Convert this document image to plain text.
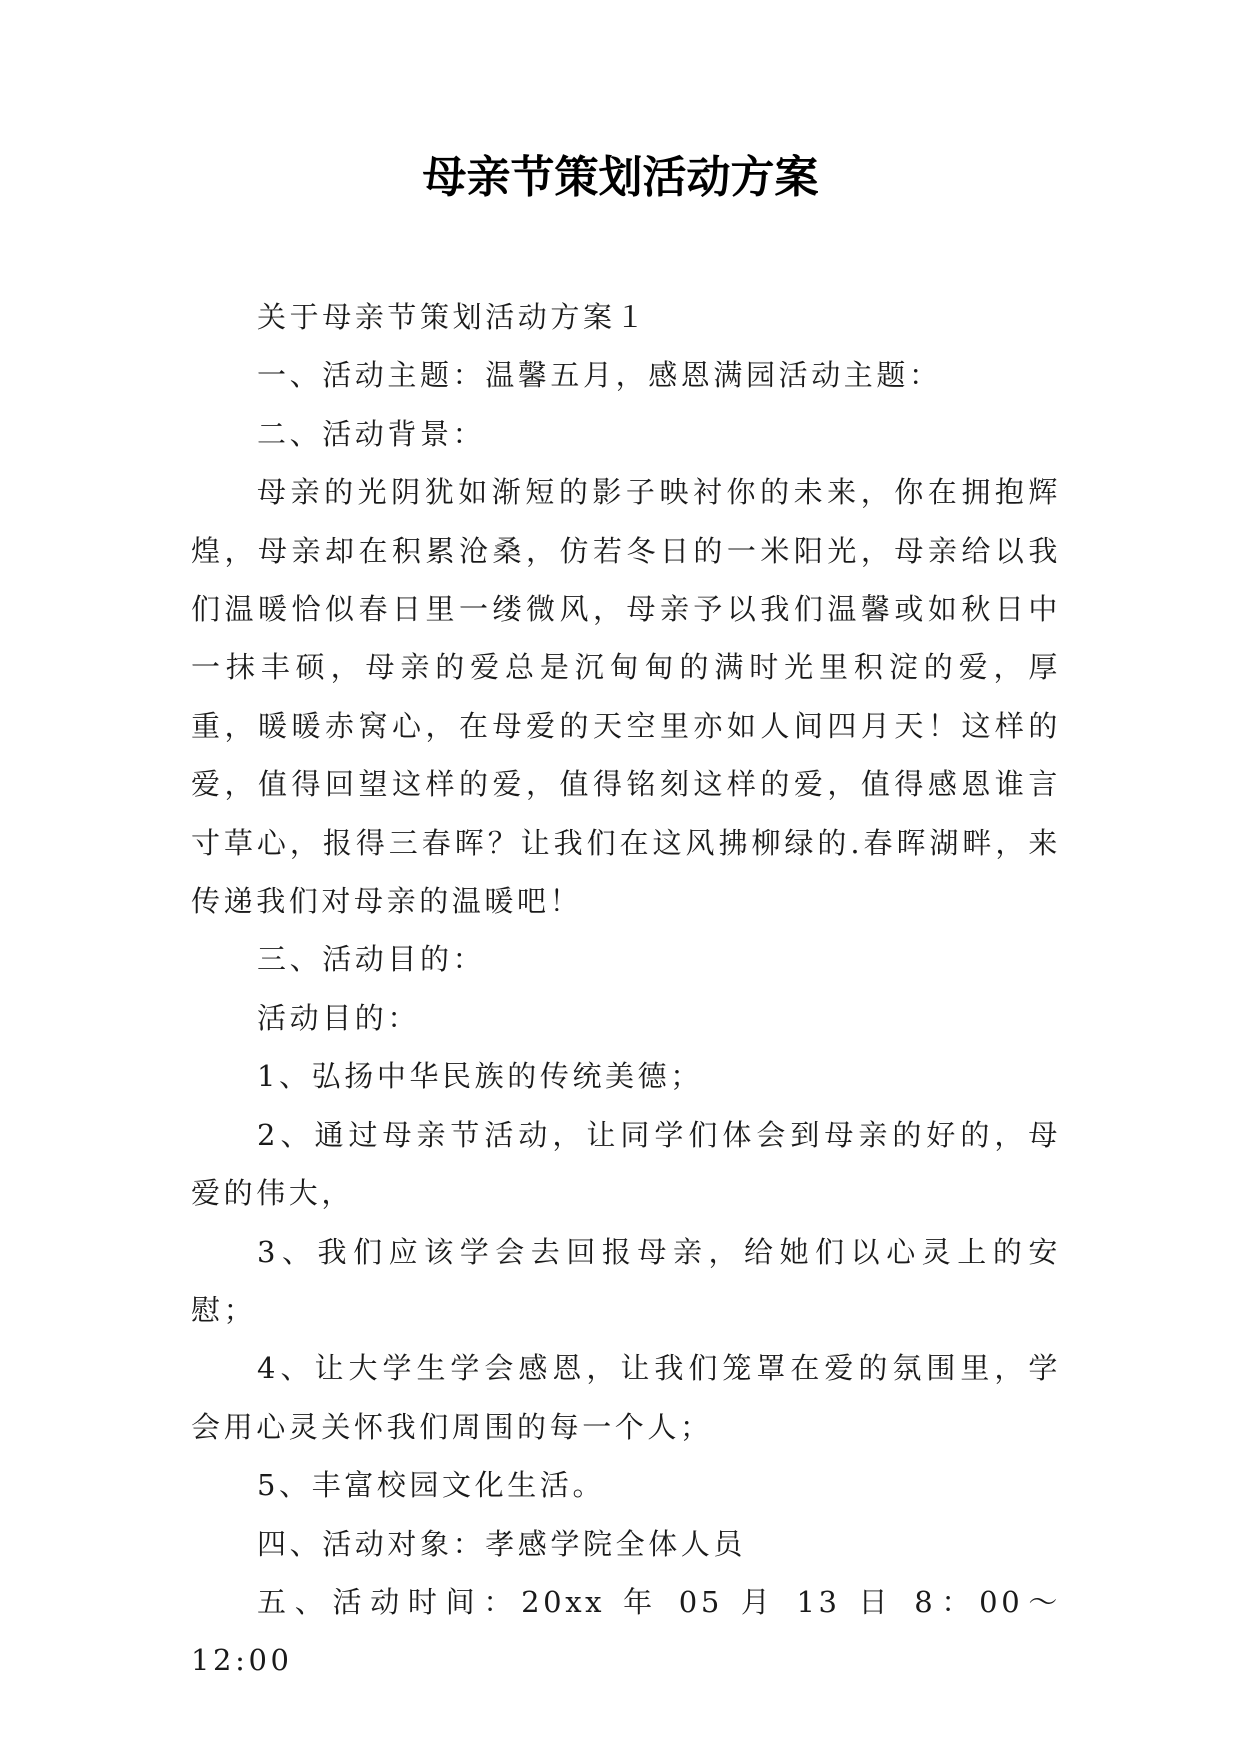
母亲节策划活动方案

关于母亲节策划活动方案１

一、活动主题：温馨五月，感恩满园活动主题：

二、活动背景：

母亲的光阴犹如渐短的影子映衬你的未来，你在拥抱辉煌，母亲却在积累沧桑，仿若冬日的一米阳光，母亲给以我们温暖恰似春日里一缕微风，母亲予以我们温馨或如秋日中一抹丰硕，母亲的爱总是沉甸甸的满时光里积淀的爱，厚重，暖暖赤窝心，在母爱的天空里亦如人间四月天！这样的爱，值得回望这样的爱，值得铭刻这样的爱，值得感恩谁言寸草心，报得三春晖？让我们在这风拂柳绿的.春晖湖畔，来传递我们对母亲的温暖吧！

三、活动目的：

活动目的：

1、弘扬中华民族的传统美德；

2、通过母亲节活动，让同学们体会到母亲的好的，母爱的伟大，

3、我们应该学会去回报母亲，给她们以心灵上的安慰；

4、让大学生学会感恩，让我们笼罩在爱的氛围里，学会用心灵关怀我们周围的每一个人；

5、丰富校园文化生活。

四、活动对象：孝感学院全体人员

五、活动时间：20xx 年 05 月 13 日 8：00～12:00
